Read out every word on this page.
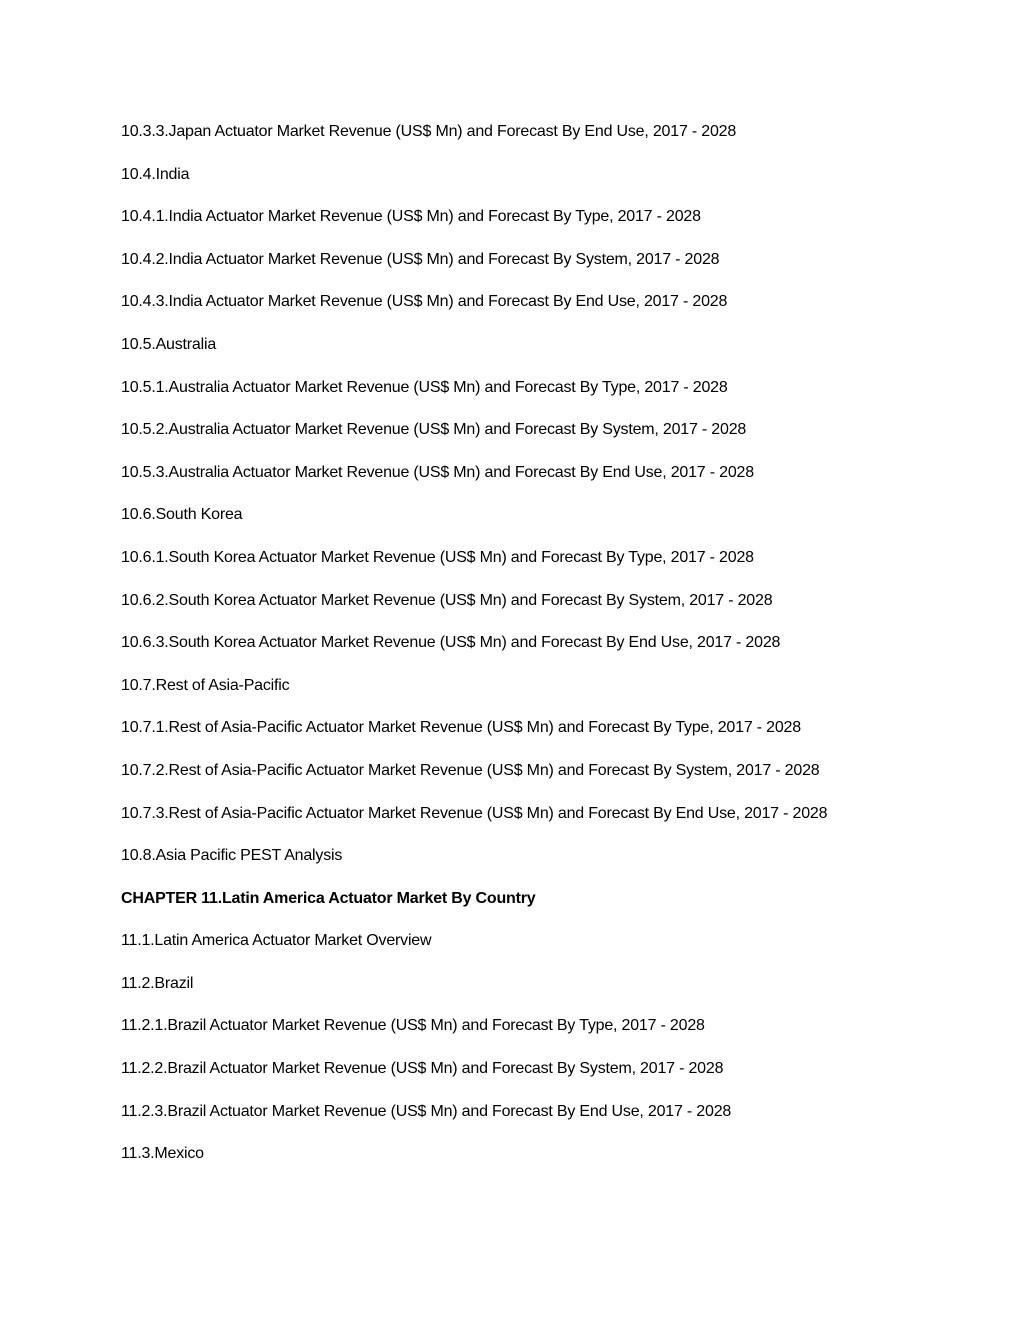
10.3.3.Japan Actuator Market Revenue (US$ Mn) and Forecast By End Use, 2017 - 2028
10.4.India
10.4.1.India Actuator Market Revenue (US$ Mn) and Forecast By Type, 2017 - 2028
10.4.2.India Actuator Market Revenue (US$ Mn) and Forecast By System, 2017 - 2028
10.4.3.India Actuator Market Revenue (US$ Mn) and Forecast By End Use, 2017 - 2028
10.5.Australia
10.5.1.Australia Actuator Market Revenue (US$ Mn) and Forecast By Type, 2017 - 2028
10.5.2.Australia Actuator Market Revenue (US$ Mn) and Forecast By System, 2017 - 2028
10.5.3.Australia Actuator Market Revenue (US$ Mn) and Forecast By End Use, 2017 - 2028
10.6.South Korea
10.6.1.South Korea Actuator Market Revenue (US$ Mn) and Forecast By Type, 2017 - 2028
10.6.2.South Korea Actuator Market Revenue (US$ Mn) and Forecast By System, 2017 - 2028
10.6.3.South Korea Actuator Market Revenue (US$ Mn) and Forecast By End Use, 2017 - 2028
10.7.Rest of Asia-Pacific
10.7.1.Rest of Asia-Pacific Actuator Market Revenue (US$ Mn) and Forecast By Type, 2017 - 2028
10.7.2.Rest of Asia-Pacific Actuator Market Revenue (US$ Mn) and Forecast By System, 2017 - 2028
10.7.3.Rest of Asia-Pacific Actuator Market Revenue (US$ Mn) and Forecast By End Use, 2017 - 2028
10.8.Asia Pacific PEST Analysis
CHAPTER 11.Latin America Actuator Market By Country
11.1.Latin America Actuator Market Overview
11.2.Brazil
11.2.1.Brazil Actuator Market Revenue (US$ Mn) and Forecast By Type, 2017 - 2028
11.2.2.Brazil Actuator Market Revenue (US$ Mn) and Forecast By System, 2017 - 2028
11.2.3.Brazil Actuator Market Revenue (US$ Mn) and Forecast By End Use, 2017 - 2028
11.3.Mexico
